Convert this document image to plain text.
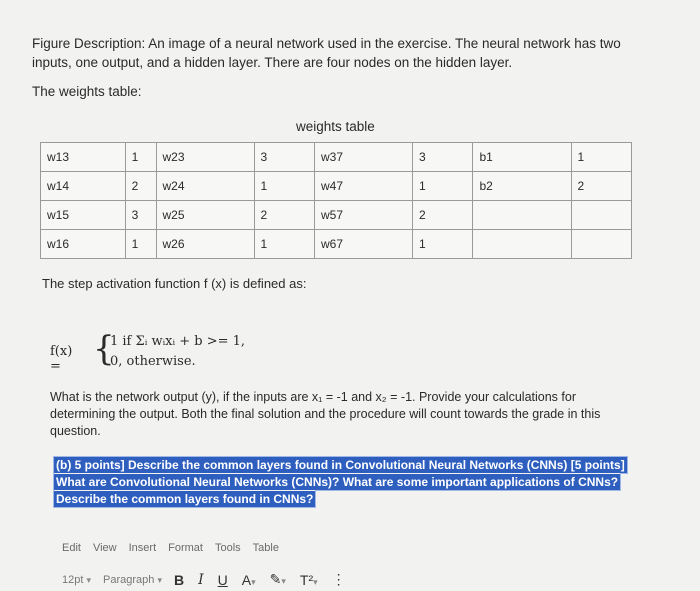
Figure Description: An image of a neural network used in the exercise. The neural network has two
inputs, one output, and a hidden layer. There are four nodes on the hidden layer.
The weights table:
weights table
w13	1	w23	3	w37	3	b1	1
w14	2	w24	1	w47	1	b2	2
w15	3	w25	2	w57	2		
w16	1	w26	1	w67	1		
The step activation function f (x) is defined as:
f(x) = {
1 if Σᵢ wᵢxᵢ + b >= 1,
0, otherwise.
What is the network output (y), if the inputs are x₁ = -1 and x₂ = -1. Provide your calculations for determining the output. Both the final solution and the procedure will count towards the grade in this question.
(b) 5 points] Describe the common layers found in Convolutional Neural Networks (CNNs) [5 points] What are Convolutional Neural Networks (CNNs)? What are some important applications of CNNs? Describe the common layers found in CNNs?
Edit View Insert Format Tools Table
12pt ▾ Paragraph ▾ B I U A▾ ✎▾ T²▾ ⋮
